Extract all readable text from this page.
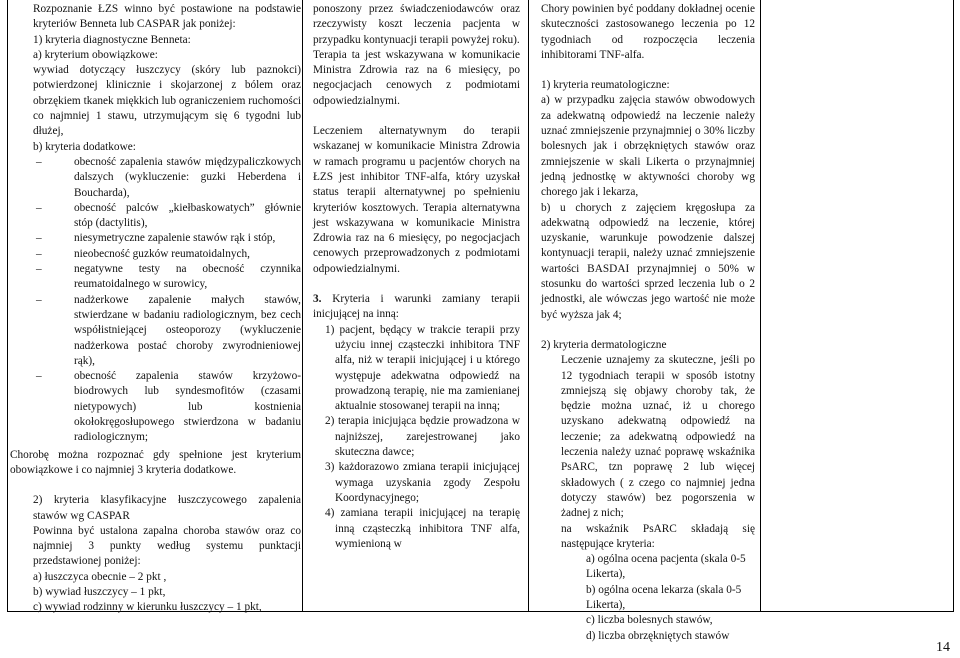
Rozpoznanie ŁZS winno być postawione na podstawie kryteriów Benneta lub CASPAR jak poniżej:

1) kryteria diagnostyczne Benneta:

a) kryterium obowiązkowe:

wywiad dotyczący łuszczycy (skóry lub paznokci) potwierdzonej klinicznie i skojarzonej z bólem oraz obrzękiem tkanek miękkich lub ograniczeniem ruchomości co najmniej 1 stawu, utrzymującym się 6 tygodni lub dłużej,

b) kryteria dodatkowe:

–	obecność zapalenia stawów międzypaliczkowych dalszych (wykluczenie: guzki Heberdena i Boucharda),
–	obecność palców „kiełbaskowatych” głównie stóp (dactylitis),
–	niesymetryczne zapalenie stawów rąk i stóp,
–	nieobecność guzków reumatoidalnych,
–	negatywne testy na obecność czynnika reumatoidalnego w surowicy,
–	nadżerkowe zapalenie małych stawów, stwierdzane w badaniu radiologicznym, bez cech współistniejącej osteoporozy (wykluczenie nadżerkowa postać choroby zwyrodnieniowej rąk),
–	obecność zapalenia stawów krzyżowo-biodrowych lub syndesmofitów (czasami nietypowych) lub kostnienia okołokręgosłupowego stwierdzona w badaniu radiologicznym;

Chorobę można rozpoznać gdy spełnione jest kryterium obowiązkowe i co najmniej 3 kryteria dodatkowe.

2) kryteria klasyfikacyjne łuszczycowego zapalenia stawów wg CASPAR

Powinna być ustalona zapalna choroba stawów oraz co najmniej 3 punkty według systemu punktacji przedstawionej poniżej:

a) łuszczyca obecnie – 2 pkt ,

b) wywiad łuszczycy – 1 pkt,

c) wywiad rodzinny w kierunku łuszczycy – 1 pkt,

ponoszony przez świadczeniodawców oraz rzeczywisty koszt leczenia pacjenta w przypadku kontynuacji terapii powyżej roku).

Terapia ta jest wskazywana w komunikacie Ministra Zdrowia raz na 6 miesięcy, po negocjacjach cenowych z podmiotami odpowiedzialnymi.

Leczeniem alternatywnym do terapii wskazanej w komunikacie Ministra Zdrowia w ramach programu u pacjentów chorych na ŁZS jest inhibitor TNF-alfa, który uzyskał status terapii alternatywnej po spełnieniu kryteriów kosztowych. Terapia alternatywna jest wskazywana w komunikacie Ministra Zdrowia raz na 6 miesięcy, po negocjacjach cenowych przeprowadzonych z podmiotami odpowiedzialnymi.

3. Kryteria i warunki zamiany terapii inicjującej na inną:

1) pacjent, będący w trakcie terapii przy użyciu innej cząsteczki inhibitora TNF alfa, niż w terapii inicjującej i u którego występuje adekwatna odpowiedź na prowadzoną terapię, nie ma zamienianej aktualnie stosowanej terapii na inną;

2) terapia inicjująca będzie prowadzona w najniższej, zarejestrowanej jako skuteczna dawce;

3) każdorazowo zmiana terapii inicjującej wymaga uzyskania zgody Zespołu Koordynacyjnego;

4) zamiana terapii inicjującej na terapię inną cząsteczką inhibitora TNF alfa, wymienioną w

Chory powinien być poddany dokładnej ocenie skuteczności zastosowanego leczenia po 12 tygodniach od rozpoczęcia leczenia inhibitorami TNF-alfa.

1) kryteria reumatologiczne:

a) w przypadku zajęcia stawów obwodowych za adekwatną odpowiedź na leczenie należy uznać zmniejszenie przynajmniej o 30% liczby bolesnych jak i obrzękniętych stawów oraz zmniejszenie w skali Likerta o przynajmniej jedną jednostkę w aktywności choroby wg chorego jak i lekarza,

b) u chorych z zajęciem kręgosłupa za adekwatną odpowiedź na leczenie, której uzyskanie, warunkuje powodzenie dalszej kontynuacji terapii, należy uznać zmniejszenie wartości BASDAI przynajmniej o 50% w stosunku do wartości sprzed leczenia lub o 2 jednostki, ale wówczas jego wartość nie może być wyższa jak 4;

2) kryteria dermatologiczne

Leczenie uznajemy za skuteczne, jeśli po 12 tygodniach terapii w sposób istotny zmniejszą się objawy choroby tak, że będzie można uznać, iż u chorego uzyskano adekwatną odpowiedź na leczenie; za adekwatną odpowiedź na leczenia należy uznać poprawę wskaźnika PsARC, tzn poprawę 2 lub więcej składowych ( z czego co najmniej jedna dotyczy stawów) bez pogorszenia w żadnej z nich;

na wskaźnik PsARC składają się następujące kryteria:

a) ogólna ocena pacjenta (skala 0-5 Likerta),

b) ogólna ocena lekarza (skala 0-5 Likerta),

c) liczba bolesnych stawów,

d) liczba obrzękniętych stawów

14
